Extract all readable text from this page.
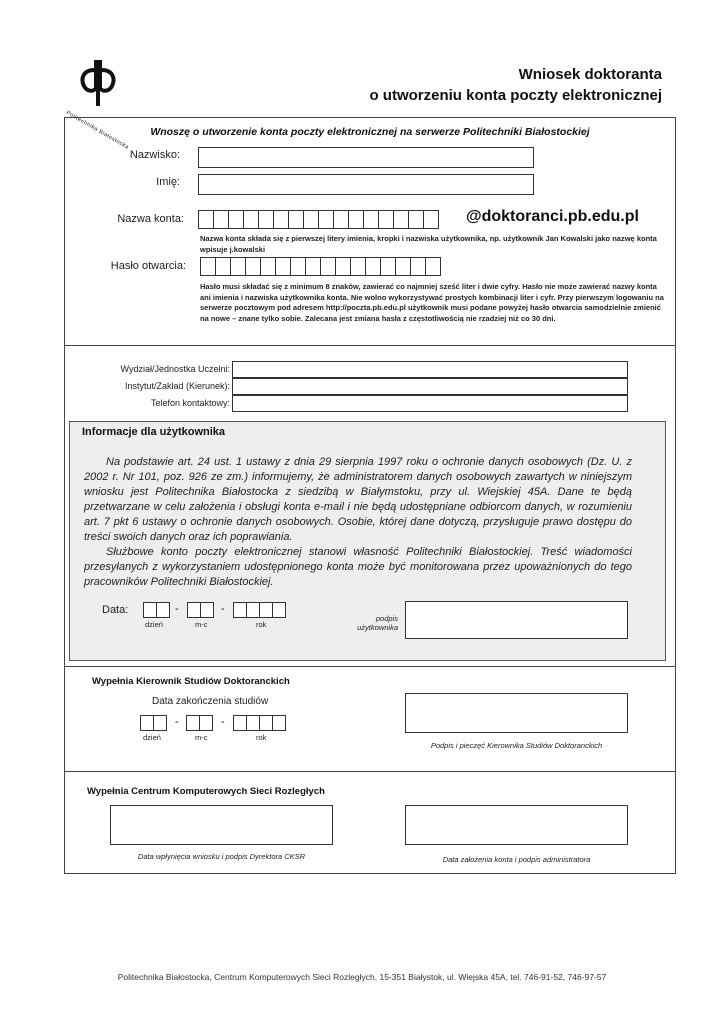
Politechnika Białostocka
Wniosek doktoranta
o utworzeniu konta poczty elektronicznej
Wnoszę o utworzenie konta poczty elektronicznej na serwerze Politechniki Białostockiej
Nazwisko:
Imię:
Nazwa konta:	@doktoranci.pb.edu.pl
Nazwa konta składa się z pierwszej litery imienia, kropki i nazwiska użytkownika, np. użytkownik Jan Kowalski jako nazwę konta wpisuje j.kowalski
Hasło otwarcia:
Hasło musi składać się z minimum 8 znaków, zawierać co najmniej sześć liter i dwie cyfry. Hasło nie może zawierać nazwy konta ani imienia i nazwiska użytkownika konta. Nie wolno wykorzystywać prostych kombinacji liter i cyfr. Przy pierwszym logowaniu na serwerze pocztowym pod adresem http://poczta.pb.edu.pl użytkownik musi podane powyżej hasło otwarcia samodzielnie zmienić na nowe – znane tylko sobie. Zalecana jest zmiana hasła z częstotliwością nie rzadziej niż co 30 dni.
Wydział/Jednostka Uczelni:
Instytut/Zakład (Kierunek):
Telefon kontaktowy:
Informacje dla użytkownika

Na podstawie art. 24 ust. 1 ustawy z dnia 29 sierpnia 1997 roku o ochronie danych osobowych (Dz. U. z 2002 r. Nr 101, poz. 926 ze zm.) informujemy, że administratorem danych osobowych zawartych w niniejszym wniosku jest Politechnika Białostocka z siedzibą w Białymstoku, przy ul. Wiejskiej 45A. Dane te będą przetwarzane w celu założenia i obsługi konta e-mail i nie będą udostępniane odbiorcom danych, w rozumieniu art. 7 pkt 6 ustawy o ochronie danych osobowych. Osobie, której dane dotyczą, przysługuje prawo dostępu do treści swoich danych oraz ich poprawiania.

Służbowe konto poczty elektronicznej stanowi własność Politechniki Białostockiej. Treść wiadomości przesyłanych z wykorzystaniem udostępnionego konta może być monitorowana przez upoważnionych do tego pracowników Politechniki Białostockiej.

Data:	-	-
dzień	m-c	rok
podpis
użytkownika
Wypełnia Kierownik Studiów Doktoranckich
Data zakończenia studiów
-	-
dzień	m-c	rok
Podpis i pieczęć Kierownika Studiów Doktoranckich
Wypełnia Centrum Komputerowych Sieci Rozległych
Data wpłynięcia wniosku i podpis Dyrektora CKSR	Data założenia konta i podpis administratora
Politechnika Białostocka, Centrum Komputerowych Sieci Rozległych, 15-351 Białystok, ul. Wiejska 45A, tel. 746-91-52, 746-97-57
